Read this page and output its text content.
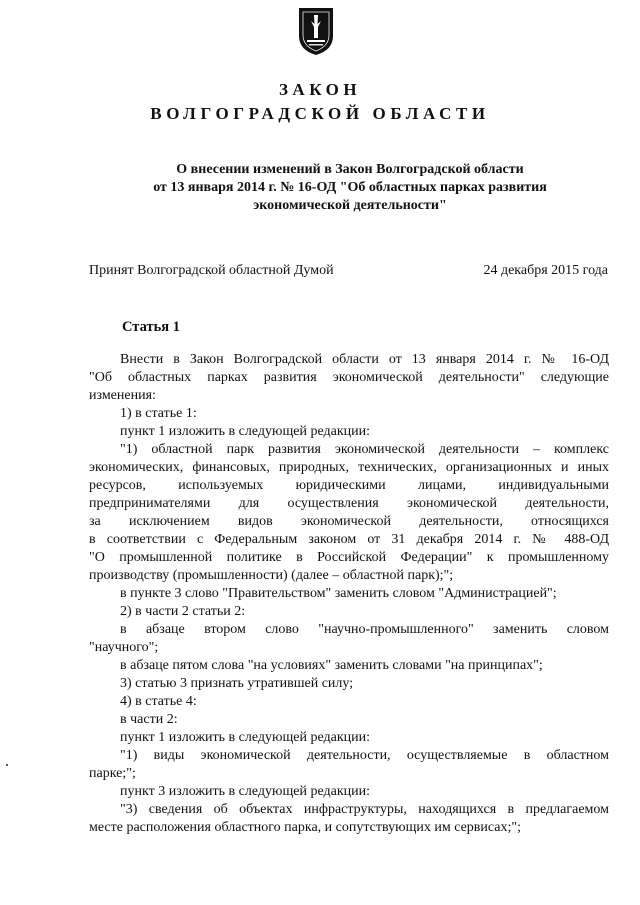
ЗАКОН
ВОЛГОГРАДСКОЙ ОБЛАСТИ
О внесении изменений в Закон Волгоградской области
от 13 января 2014 г. № 16-ОД "Об областных парках развития
экономической деятельности"
Принят Волгоградской областной Думой	24 декабря 2015 года
Статья 1
Внести в Закон Волгоградской области от 13 января 2014 г. № 16-ОД
"Об областных парках развития экономической деятельности" следующие
изменения:
1) в статье 1:
пункт 1 изложить в следующей редакции:
"1) областной парк развития экономической деятельности – комплекс
экономических, финансовых, природных, технических, организационных и иных
ресурсов, используемых юридическими лицами, индивидуальными
предпринимателями для осуществления экономической деятельности,
за исключением видов экономической деятельности, относящихся
в соответствии с Федеральным законом от 31 декабря 2014 г. № 488-ОД
"О промышленной политике в Российской Федерации" к промышленному
производству (промышленности) (далее – областной парк);";
в пункте 3 слово "Правительством" заменить словом "Администрацией";
2) в части 2 статьи 2:
в абзаце втором слово "научно-промышленного" заменить словом
"научного";
в абзаце пятом слова "на условиях" заменить словами "на принципах";
3) статью 3 признать утратившей силу;
4) в статье 4:
в части 2:
пункт 1 изложить в следующей редакции:
"1) виды экономической деятельности, осуществляемые в областном
парке;";
пункт 3 изложить в следующей редакции:
"3) сведения об объектах инфраструктуры, находящихся в предлагаемом
месте расположения областного парка, и сопутствующих им сервисах;";
